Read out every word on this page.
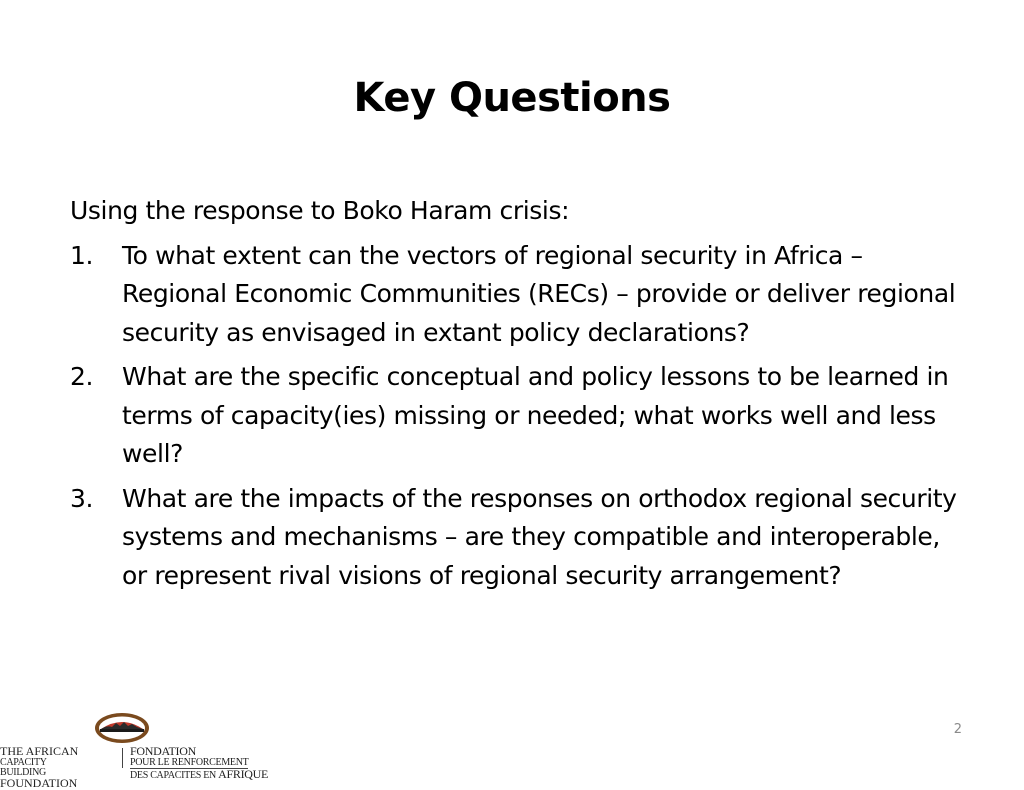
Key Questions
Using the response to Boko Haram crisis:
1. To what extent can the vectors of regional security in Africa – Regional Economic Communities (RECs) – provide or deliver regional security as envisaged in extant policy declarations?
2. What are the specific conceptual and policy lessons to be learned in terms of capacity(ies) missing or needed; what works well and less well?
3. What are the impacts of the responses on orthodox regional security systems and mechanisms – are they compatible and interoperable, or represent rival visions of regional security arrangement?
2
THE AFRICAN CAPACITY
BUILDING FOUNDATION
FONDATION POUR LE RENFORCEMENT
DES CAPACITES EN AFRIQUE
